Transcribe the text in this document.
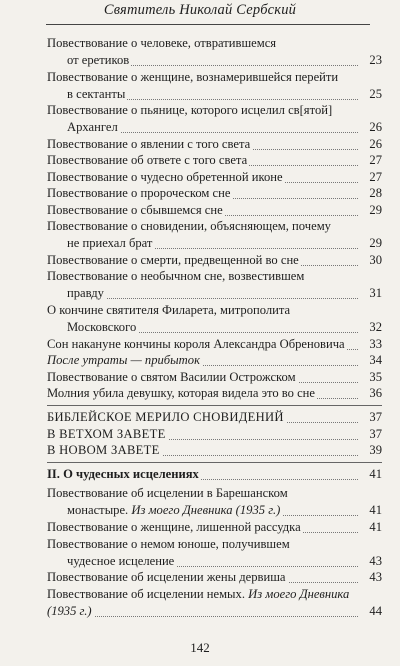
Святитель Николай Сербский
Повествование о человеке, отвратившемся
от еретиков	23
Повествование о женщине, вознамерившейся перейти
в сектанты	25
Повествование о пьянице, которого исцелил св[ятой]
Архангел	26
Повествование о явлении с того света	26
Повествование об ответе с того света	27
Повествование о чудесно обретенной иконе	27
Повествование о пророческом сне	28
Повествование о сбывшемся сне	29
Повествование о сновидении, объясняющем, почему
не приехал брат	29
Повествование о смерти, предвещенной во сне	30
Повествование о необычном сне, возвестившем
правду	31
О кончине святителя Филарета, митрополита
Московского	32
Сон накануне кончины короля Александра Обреновича	33
После утраты — прибыток	34
Повествование о святом Василии Острожском	35
Молния убила девушку, которая видела это во сне	36
БИБЛЕЙСКОЕ МЕРИЛО СНОВИДЕНИЙ	37
В ВЕТХОМ ЗАВЕТЕ	37
В НОВОМ ЗАВЕТЕ	39
II. О чудесных исцелениях	41
Повествование об исцелении в Барешанском
монастыре. Из моего Дневника (1935 г.)	41
Повествование о женщине, лишенной рассудка	41
Повествование о немом юноше, получившем
чудесное исцеление	43
Повествование об исцелении жены дервиша	43
Повествование об исцелении немых. Из моего Дневника
(1935 г.)	44
142
